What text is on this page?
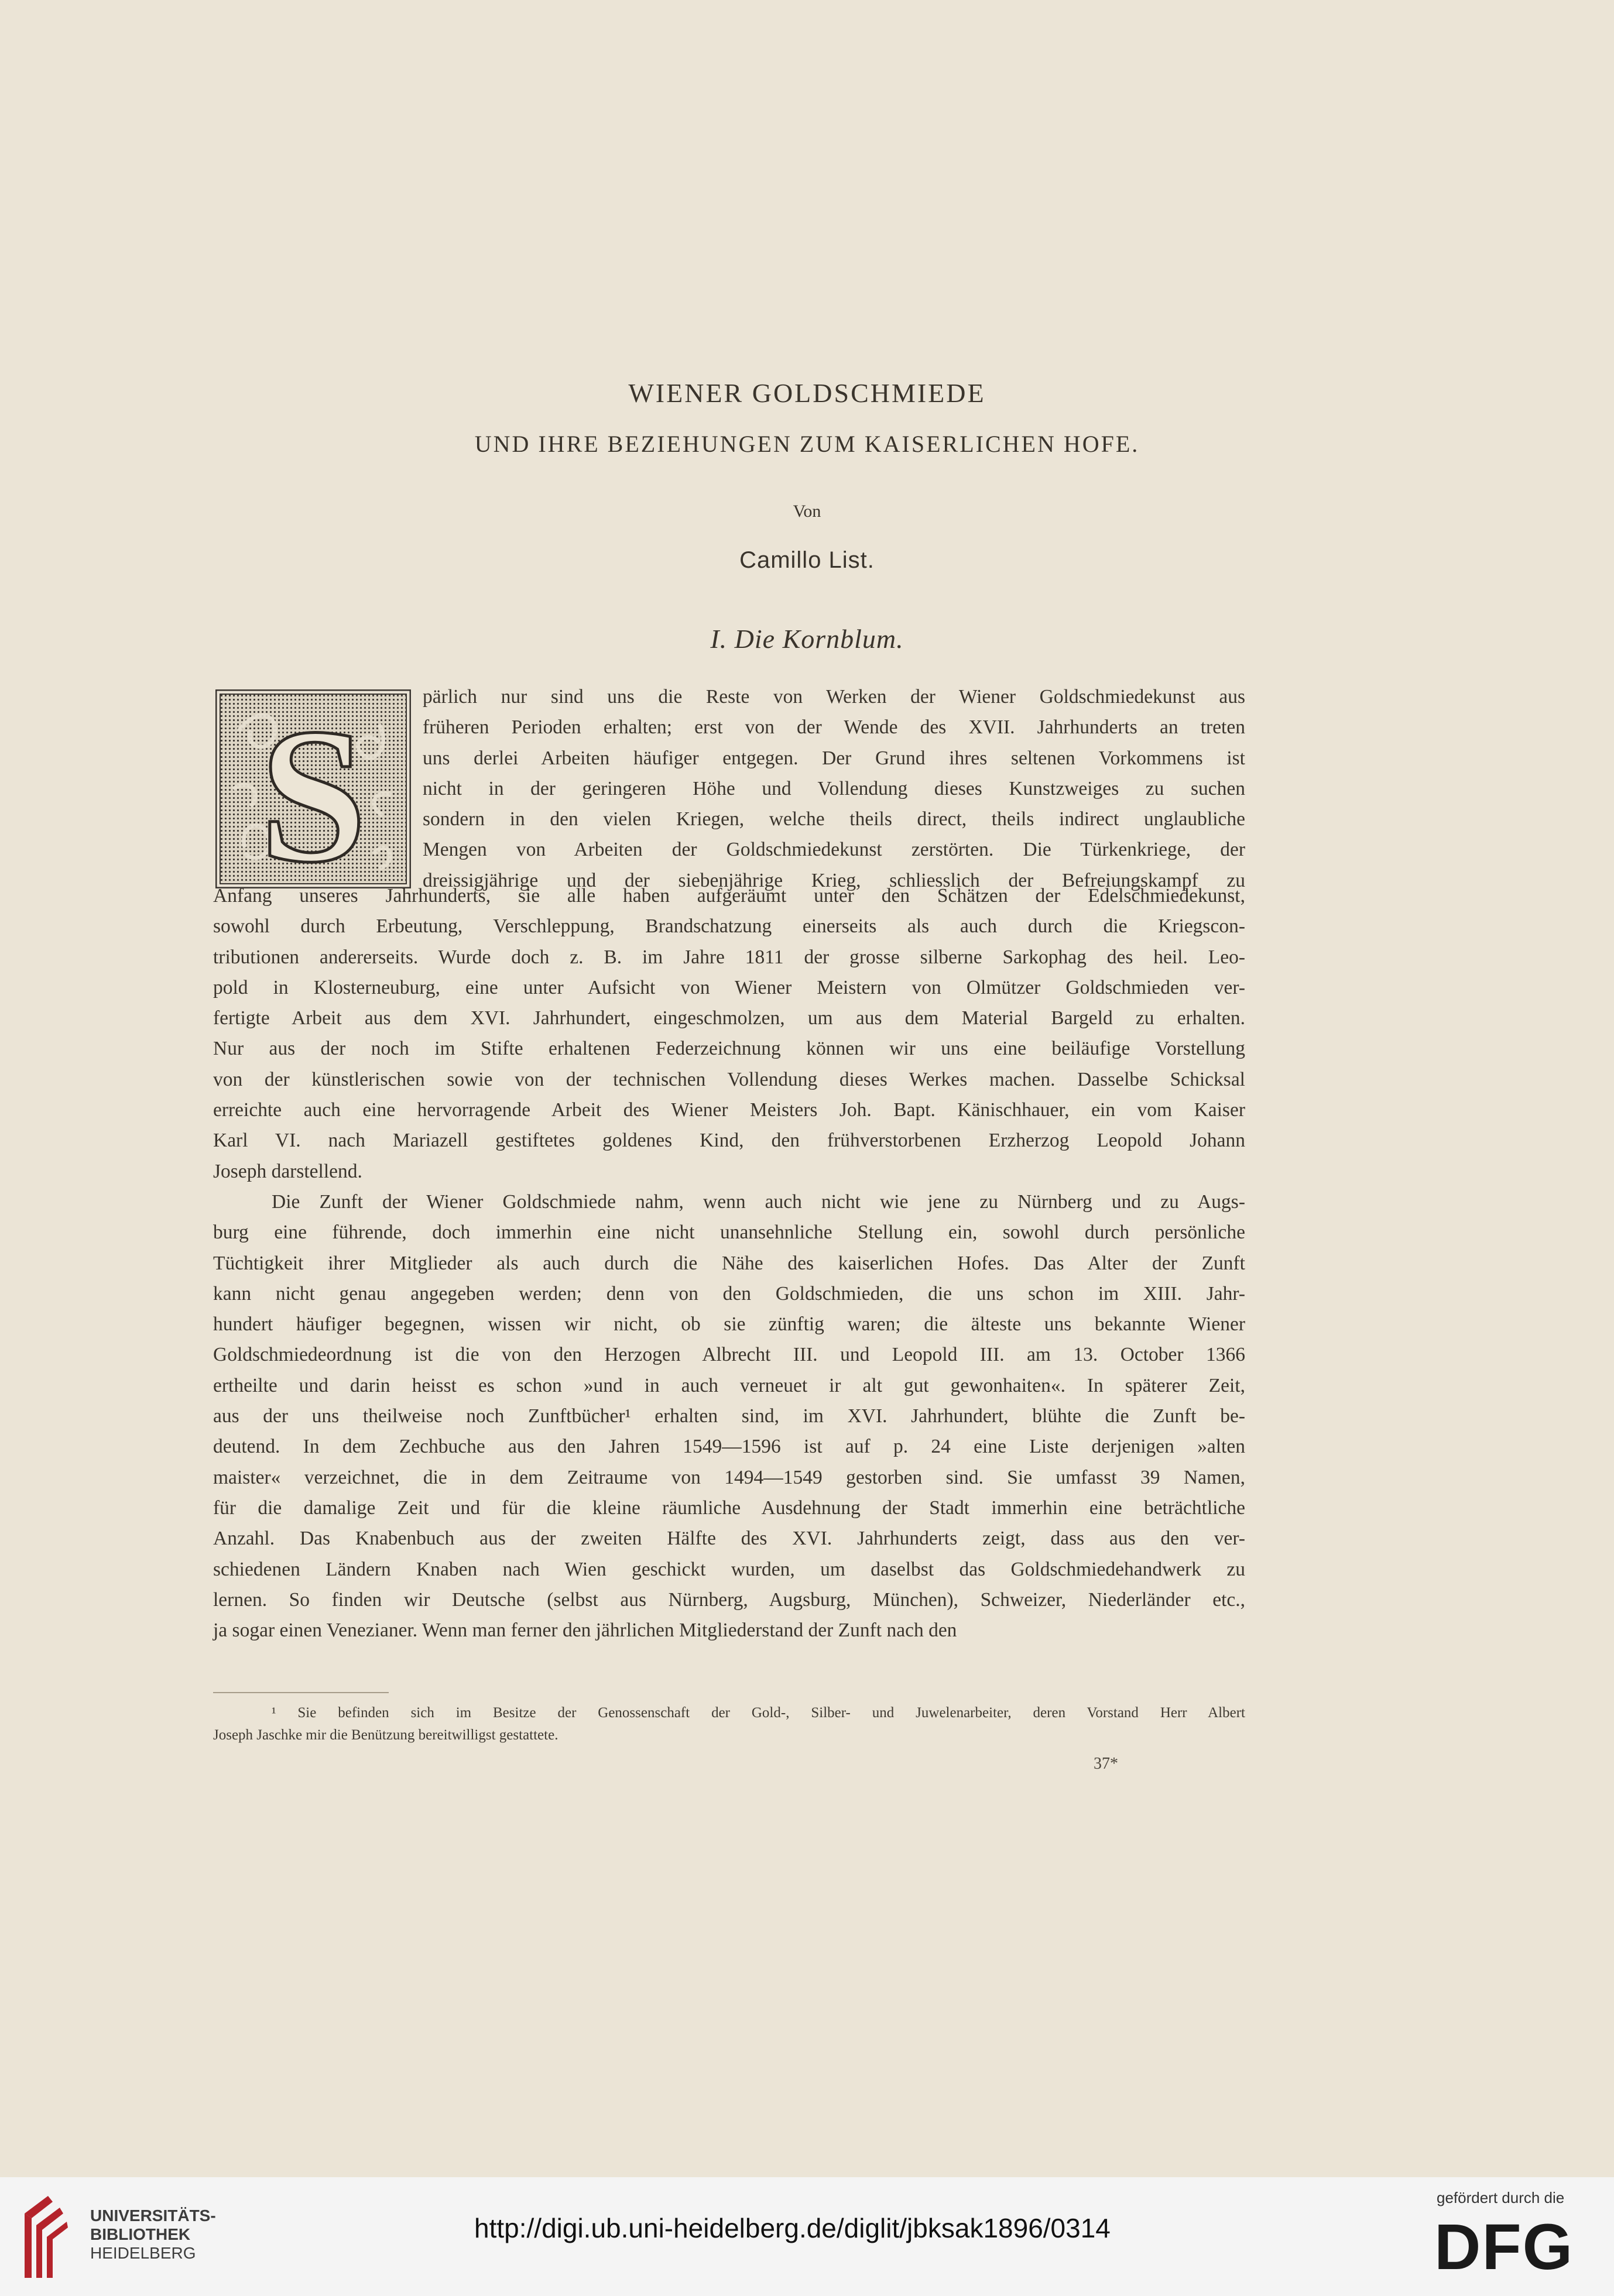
WIENER GOLDSCHMIEDE
UND IHRE BEZIEHUNGEN ZUM KAISERLICHEN HOFE.
Von
Camillo List.
I. Die Kornblum.
S	pärlich nur sind uns die Reste von Werken der Wiener Goldschmiedekunst aus
früheren Perioden erhalten; erst von der Wende des XVII. Jahrhunderts an treten
uns derlei Arbeiten häufiger entgegen. Der Grund ihres seltenen Vorkommens ist
nicht in der geringeren Höhe und Vollendung dieses Kunstzweiges zu suchen
sondern in den vielen Kriegen, welche theils direct, theils indirect unglaubliche
Mengen von Arbeiten der Goldschmiedekunst zerstörten. Die Türkenkriege, der
dreissigjährige und der siebenjährige Krieg, schliesslich der Befreiungskampf zu
Anfang unseres Jahrhunderts, sie alle haben aufgeräumt unter den Schätzen der Edelschmiedekunst,
sowohl durch Erbeutung, Verschleppung, Brandschatzung einerseits als auch durch die Kriegscon-
tributionen andererseits. Wurde doch z. B. im Jahre 1811 der grosse silberne Sarkophag des heil. Leo-
pold in Klosterneuburg, eine unter Aufsicht von Wiener Meistern von Olmützer Goldschmieden ver-
fertigte Arbeit aus dem XVI. Jahrhundert, eingeschmolzen, um aus dem Material Bargeld zu erhalten.
Nur aus der noch im Stifte erhaltenen Federzeichnung können wir uns eine beiläufige Vorstellung
von der künstlerischen sowie von der technischen Vollendung dieses Werkes machen. Dasselbe Schicksal
erreichte auch eine hervorragende Arbeit des Wiener Meisters Joh. Bapt. Känischhauer, ein vom Kaiser
Karl VI. nach Mariazell gestiftetes goldenes Kind, den frühverstorbenen Erzherzog Leopold Johann
Joseph darstellend.
Die Zunft der Wiener Goldschmiede nahm, wenn auch nicht wie jene zu Nürnberg und zu Augs-
burg eine führende, doch immerhin eine nicht unansehnliche Stellung ein, sowohl durch persönliche
Tüchtigkeit ihrer Mitglieder als auch durch die Nähe des kaiserlichen Hofes. Das Alter der Zunft
kann nicht genau angegeben werden; denn von den Goldschmieden, die uns schon im XIII. Jahr-
hundert häufiger begegnen, wissen wir nicht, ob sie zünftig waren; die älteste uns bekannte Wiener
Goldschmiedeordnung ist die von den Herzogen Albrecht III. und Leopold III. am 13. October 1366
ertheilte und darin heisst es schon »und in auch verneuet ir alt gut gewonhaiten«. In späterer Zeit,
aus der uns theilweise noch Zunftbücher¹ erhalten sind, im XVI. Jahrhundert, blühte die Zunft be-
deutend. In dem Zechbuche aus den Jahren 1549—1596 ist auf p. 24 eine Liste derjenigen »alten
maister« verzeichnet, die in dem Zeitraume von 1494—1549 gestorben sind. Sie umfasst 39 Namen,
für die damalige Zeit und für die kleine räumliche Ausdehnung der Stadt immerhin eine beträchtliche
Anzahl. Das Knabenbuch aus der zweiten Hälfte des XVI. Jahrhunderts zeigt, dass aus den ver-
schiedenen Ländern Knaben nach Wien geschickt wurden, um daselbst das Goldschmiedehandwerk zu
lernen. So finden wir Deutsche (selbst aus Nürnberg, Augsburg, München), Schweizer, Niederländer etc.,
ja sogar einen Venezianer. Wenn man ferner den jährlichen Mitgliederstand der Zunft nach den
¹ Sie befinden sich im Besitze der Genossenschaft der Gold-, Silber- und Juwelenarbeiter, deren Vorstand Herr Albert
Joseph Jaschke mir die Benützung bereitwilligst gestattete.
37*
UNIVERSITÄTS-
BIBLIOTHEK
HEIDELBERG
http://digi.ub.uni-heidelberg.de/diglit/jbksak1896/0314
gefördert durch die
DFG
